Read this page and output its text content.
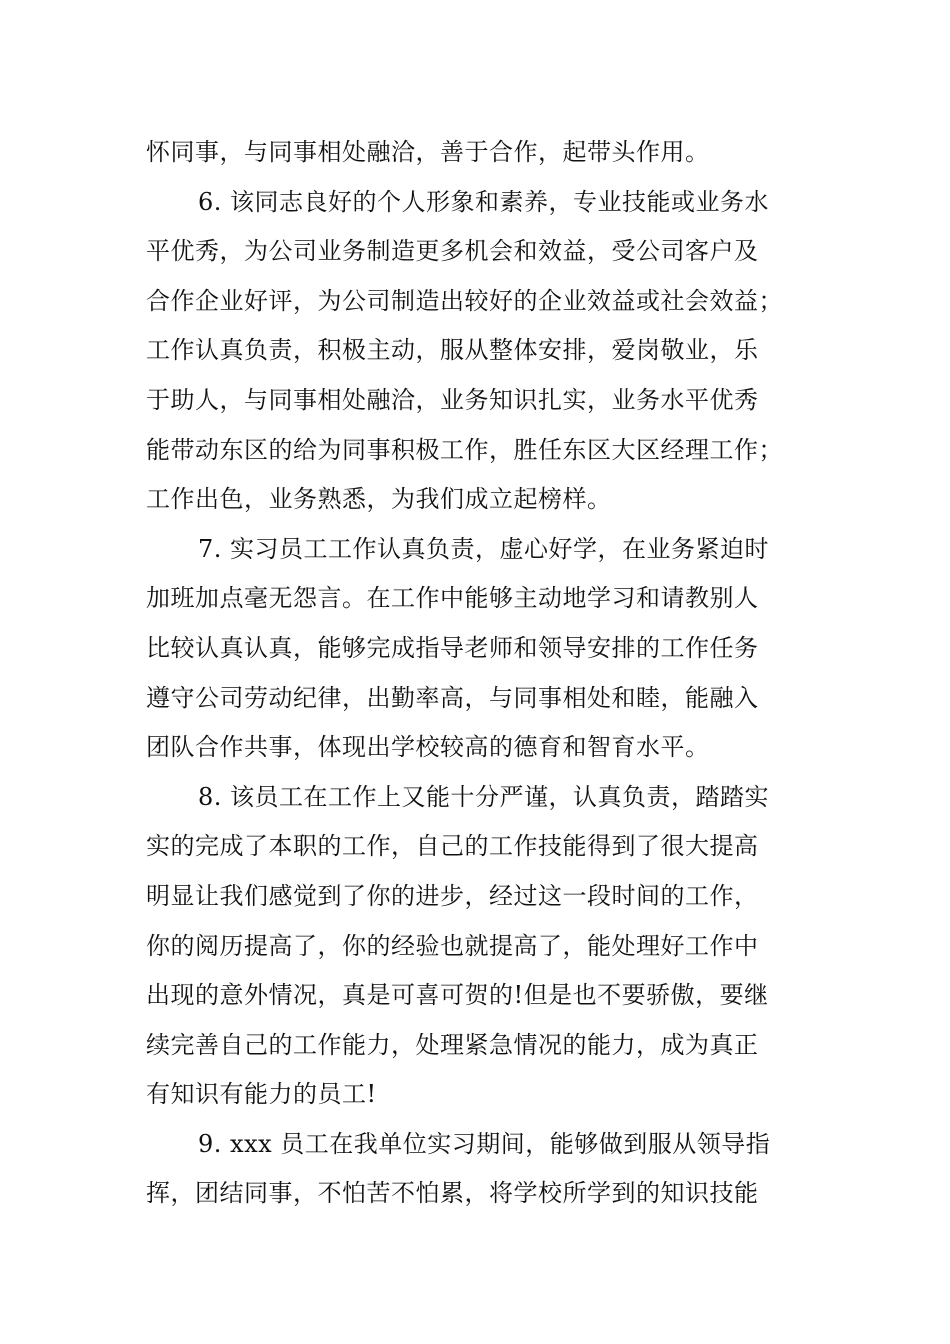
怀同事，与同事相处融洽，善于合作，起带头作用。
6. 该同志良好的个人形象和素养，专业技能或业务水
平优秀，为公司业务制造更多机会和效益，受公司客户及
合作企业好评，为公司制造出较好的企业效益或社会效益；
工作认真负责，积极主动，服从整体安排，爱岗敬业，乐
于助人，与同事相处融洽，业务知识扎实，业务水平优秀
能带动东区的给为同事积极工作，胜任东区大区经理工作；
工作出色，业务熟悉，为我们成立起榜样。
7. 实习员工工作认真负责，虚心好学，在业务紧迫时
加班加点毫无怨言。在工作中能够主动地学习和请教别人
比较认真认真，能够完成指导老师和领导安排的工作任务
遵守公司劳动纪律，出勤率高，与同事相处和睦，能融入
团队合作共事，体现出学校较高的德育和智育水平。
8. 该员工在工作上又能十分严谨，认真负责，踏踏实
实的完成了本职的工作，自己的工作技能得到了很大提高
明显让我们感觉到了你的进步，经过这一段时间的工作，
你的阅历提高了，你的经验也就提高了，能处理好工作中
出现的意外情况，真是可喜可贺的!但是也不要骄傲，要继
续完善自己的工作能力，处理紧急情况的能力，成为真正
有知识有能力的员工!
9. xxx 员工在我单位实习期间，能够做到服从领导指
挥，团结同事，不怕苦不怕累，将学校所学到的知识技能
